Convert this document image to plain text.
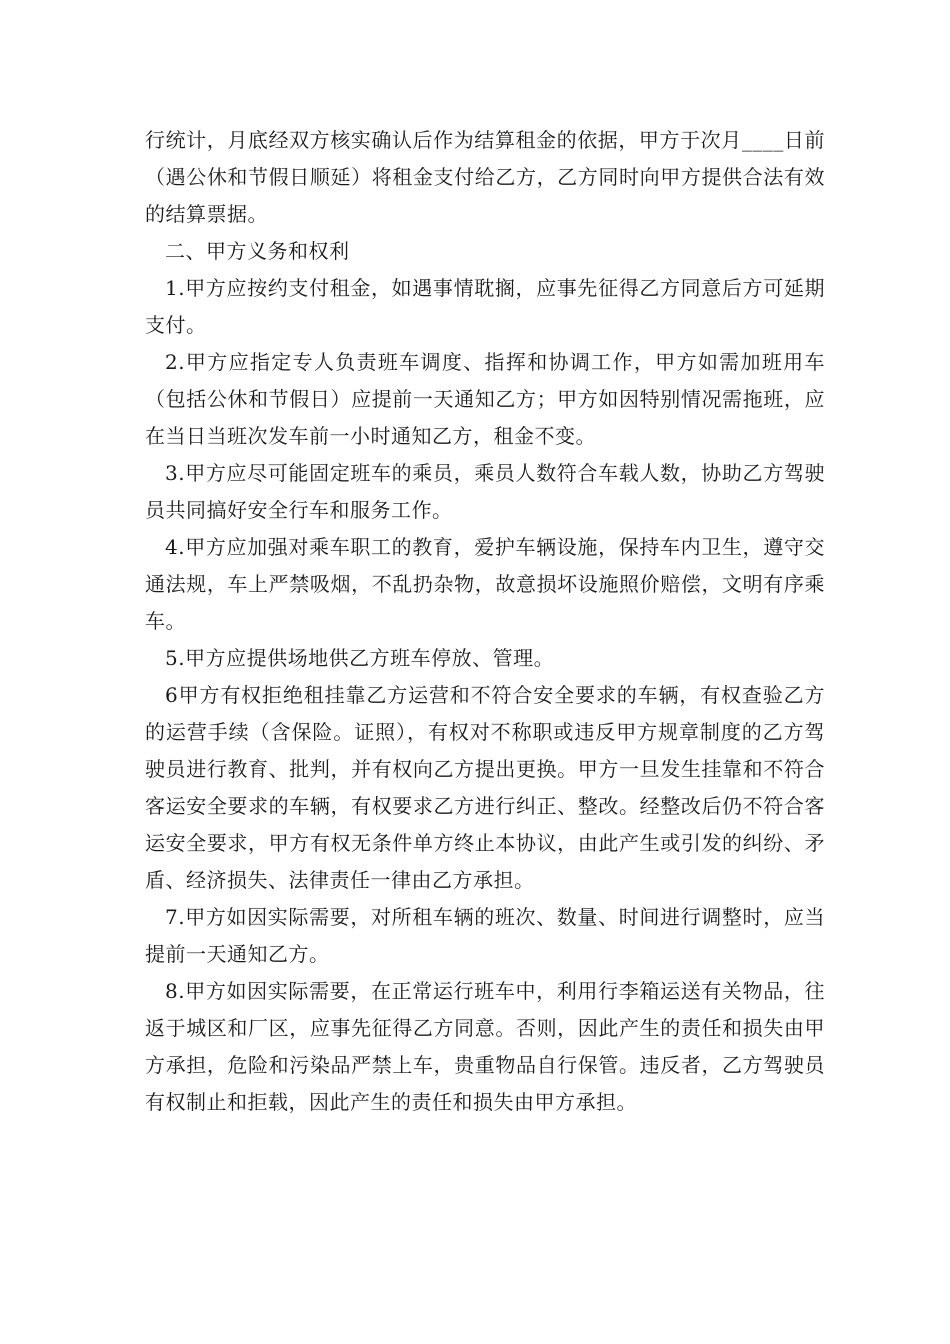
行统计，月底经双方核实确认后作为结算租金的依据，甲方于次月____日前（遇公休和节假日顺延）将租金支付给乙方，乙方同时向甲方提供合法有效的结算票据。

二、甲方义务和权利

1.甲方应按约支付租金，如遇事情耽搁，应事先征得乙方同意后方可延期支付。

2.甲方应指定专人负责班车调度、指挥和协调工作，甲方如需加班用车（包括公休和节假日）应提前一天通知乙方；甲方如因特别情况需拖班，应在当日当班次发车前一小时通知乙方，租金不变。

3.甲方应尽可能固定班车的乘员，乘员人数符合车载人数，协助乙方驾驶员共同搞好安全行车和服务工作。

4.甲方应加强对乘车职工的教育，爱护车辆设施，保持车内卫生，遵守交通法规，车上严禁吸烟，不乱扔杂物，故意损坏设施照价赔偿，文明有序乘车。

5.甲方应提供场地供乙方班车停放、管理。

6甲方有权拒绝租挂靠乙方运营和不符合安全要求的车辆，有权查验乙方的运营手续（含保险。证照），有权对不称职或违反甲方规章制度的乙方驾驶员进行教育、批判，并有权向乙方提出更换。甲方一旦发生挂靠和不符合客运安全要求的车辆，有权要求乙方进行纠正、整改。经整改后仍不符合客运安全要求，甲方有权无条件单方终止本协议，由此产生或引发的纠纷、矛盾、经济损失、法律责任一律由乙方承担。

7.甲方如因实际需要，对所租车辆的班次、数量、时间进行调整时，应当提前一天通知乙方。

8.甲方如因实际需要，在正常运行班车中，利用行李箱运送有关物品，往返于城区和厂区，应事先征得乙方同意。否则，因此产生的责任和损失由甲方承担，危险和污染品严禁上车，贵重物品自行保管。违反者，乙方驾驶员有权制止和拒载，因此产生的责任和损失由甲方承担。
